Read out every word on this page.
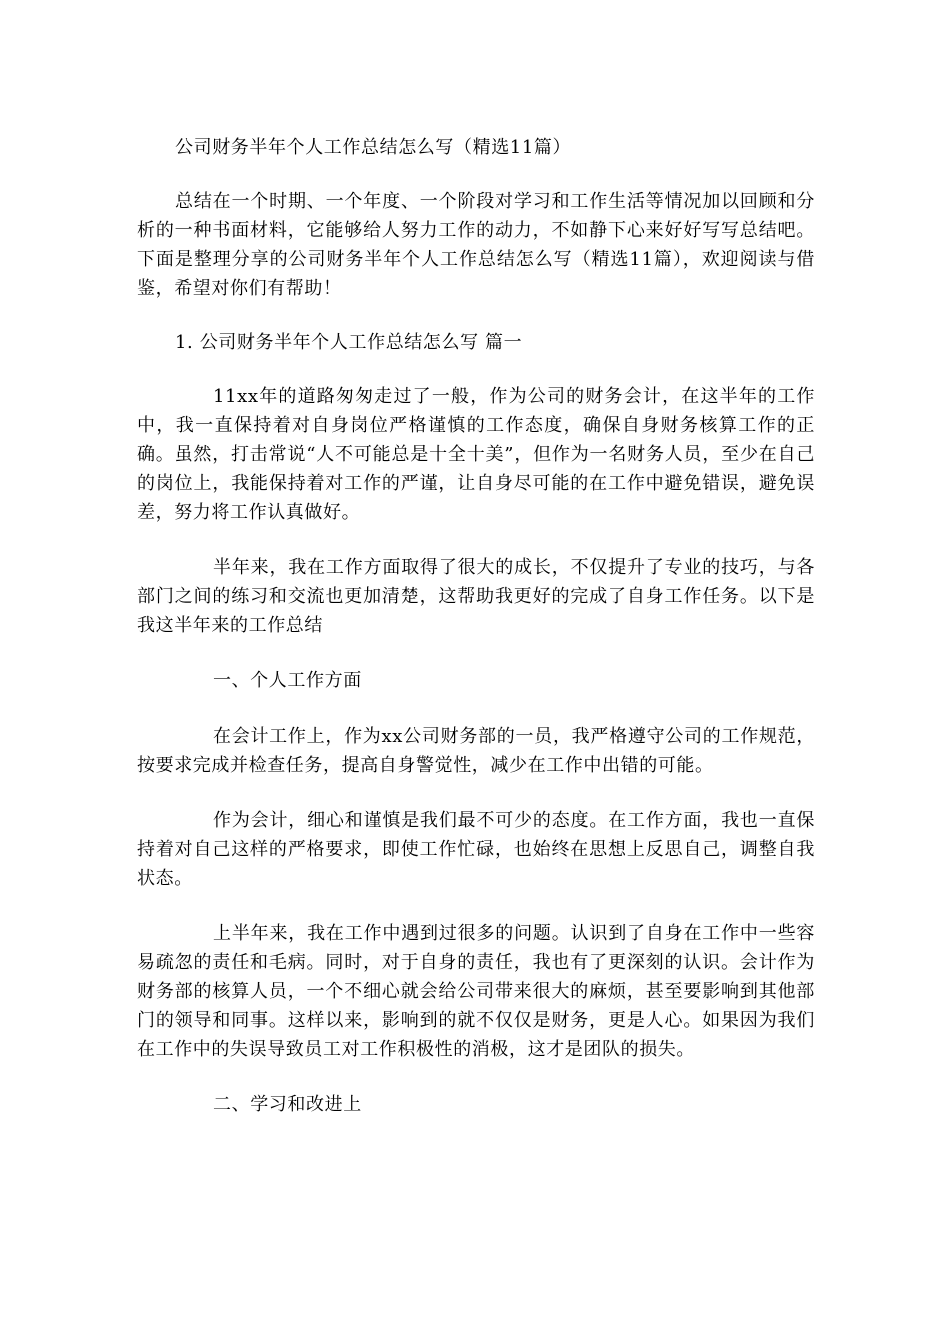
公司财务半年个人工作总结怎么写（精选11篇）

总结在一个时期、一个年度、一个阶段对学习和工作生活等情况加以回顾和分析的一种书面材料，它能够给人努力工作的动力，不如静下心来好好写写总结吧。下面是整理分享的公司财务半年个人工作总结怎么写（精选11篇），欢迎阅读与借鉴，希望对你们有帮助！

1. 公司财务半年个人工作总结怎么写 篇一

11xx年的道路匆匆走过了一般，作为公司的财务会计，在这半年的工作中，我一直保持着对自身岗位严格谨慎的工作态度，确保自身财务核算工作的正确。虽然，打击常说“人不可能总是十全十美”，但作为一名财务人员，至少在自己的岗位上，我能保持着对工作的严谨，让自身尽可能的在工作中避免错误，避免误差，努力将工作认真做好。

半年来，我在工作方面取得了很大的成长，不仅提升了专业的技巧，与各部门之间的练习和交流也更加清楚，这帮助我更好的完成了自身工作任务。以下是我这半年来的工作总结

一、个人工作方面

在会计工作上，作为xx公司财务部的一员，我严格遵守公司的工作规范，按要求完成并检查任务，提高自身警觉性，减少在工作中出错的可能。

作为会计，细心和谨慎是我们最不可少的态度。在工作方面，我也一直保持着对自己这样的严格要求，即使工作忙碌，也始终在思想上反思自己，调整自我状态。

上半年来，我在工作中遇到过很多的问题。认识到了自身在工作中一些容易疏忽的责任和毛病。同时，对于自身的责任，我也有了更深刻的认识。会计作为财务部的核算人员，一个不细心就会给公司带来很大的麻烦，甚至要影响到其他部门的领导和同事。这样以来，影响到的就不仅仅是财务，更是人心。如果因为我们在工作中的失误导致员工对工作积极性的消极，这才是团队的损失。

二、学习和改进上
